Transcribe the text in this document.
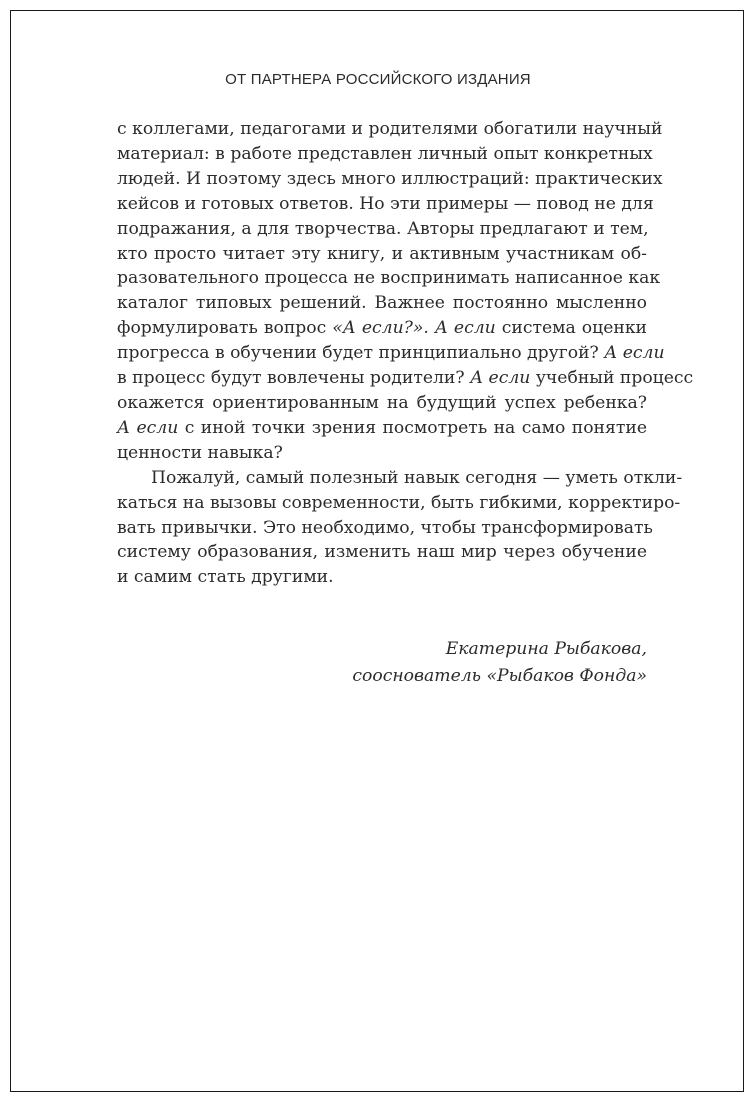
ОТ ПАРТНЕРА РОССИЙСКОГО ИЗДАНИЯ
с коллегами, педагогами и родителями обогатили научный
материал: в работе представлен личный опыт конкретных
людей. И поэтому здесь много иллюстраций: практических
кейсов и готовых ответов. Но эти примеры — повод не для
подражания, а для творчества. Авторы предлагают и тем,
кто просто читает эту книгу, и активным участникам об-
разовательного процесса не воспринимать написанное как
каталог типовых решений. Важнее постоянно мысленно
формулировать вопрос «А если?». А если система оценки
прогресса в обучении будет принципиально другой? А если
в процесс будут вовлечены родители? А если учебный процесс
окажется ориентированным на будущий успех ребенка?
А если с иной точки зрения посмотреть на само понятие
ценности навыка?
Пожалуй, самый полезный навык сегодня — уметь откли-
каться на вызовы современности, быть гибкими, корректиро-
вать привычки. Это необходимо, чтобы трансформировать
систему образования, изменить наш мир через обучение
и самим стать другими.
Екатерина Рыбакова,
сооснователь «Рыбаков Фонда»
